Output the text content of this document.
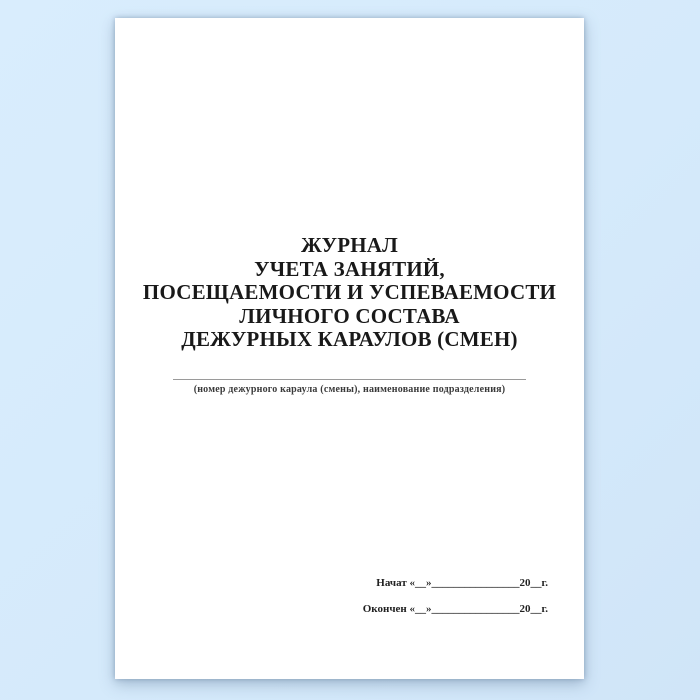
ЖУРНАЛ
УЧЕТА ЗАНЯТИЙ,
ПОСЕЩАЕМОСТИ И УСПЕВАЕМОСТИ
ЛИЧНОГО СОСТАВА
ДЕЖУРНЫХ КАРАУЛОВ (СМЕН)
(номер дежурного караула (смены), наименование подразделения)
Начат «__»________________20__г.
Окончен «__»________________20__г.
